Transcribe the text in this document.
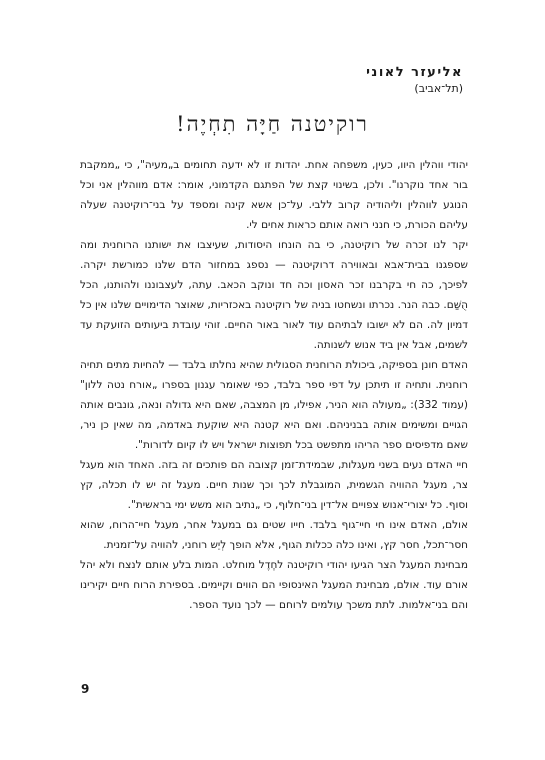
אליעזר לאוני
(תל־אביב)
רוקיטנה חַיָּה תִחְיֶה!

יהודי ווהלין היוו, כעין, משפחה אחת. יהדות זו לא ידעה תחומים ב„מעיה", כי „ממקבת בור אחד נוקרנו". ולכן, בשינוי קצת של הפתגם הקדמוני, אומר: אדם מווהלין אני וכל הנוגע לווהלין וליהודיה קרוב ללבי. על־כן אשא קינה ומספד על בני־רוקיטנה שעלה עליהם הכורת, כי חנני רואה אותם כראות אחים לי.

יקר לנו זכרה של רוקיטנה, כי בה הונחו היסודות, שעיצבו את ישותנו הרוחנית ומה שספגנו בבית־אבא ובאווירה דרוקיטנה — נספג במחזור הדם שלנו כמורשת יקרה. לפיכך, כה חי בקרבנו זכר האסון וכה חד ונוקב הכאב. עתה, לעצבוננו ולהותנו, הכל הֻשַּׁם. כבה הנר. נכרתו ונשחטו בניה של רוקיטנה באכזריות, שאוצר הדימויים שלנו אין כל דמיון לה. הם לא ישובו לבתיהם עוד לאור באור החיים. זוהי עובדת ביעותים הזועקת עד לשמים, אבל אין ביד אנוש לשנותה.

האדם חונן בספיקה, ביכולת הרוחנית הסגולית שהיא נחלתו בלבד — להחיות מתים תחיה רוחנית. ותחיה זו תיתכן על דפי ספר בלבד, כפי שאומר עגנון בספרו „אורח נטה ללון" (עמוד 332): „מעולה הוא הניר, אפילו, מן המצבה, שאם היא גדולה ונאה, גונבים אותה הגויים ומשימים אותה בבניניהם. ואם היא קטנה היא שוקעת באדמה, מה שאין כן ניר, שאם מדפיסים ספר הריהו מתפשט בכל תפוצות ישראל ויש לו קיום לדורות".

חיי האדם נעים בשני מעגלות, שבמידת־זמן קצובה הם פותכים זה בזה. האחד הוא מעגל צר, מעגל ההוויה הגשמית, המוגבלת לכך וכך שנות חיים. מעגל זה יש לו תכלה, קץ וסוף. כל יצורי־אנוש צפויים אל־דין בני־חלוף, כי „נתיב הוא משש ימי בראשית".

אולם, האדם אינו חי חיי־גוף בלבד. חייו שטים גם במעגל אחר, מעגל חיי־הרוח, שהוא חסר־תכל, חסר קץ, ואינו כלה ככלות הגוף, אלא הופך לְיֵש רוחני, להוויה על־זמנית.

מבחינת המעגל הצר הגיעו יהודי רוקיטנה לחֶדֶל מוחלט. המות בלע אותם לנצח ולא יהל אורם עוד. אולם, מבחינת המעגל האינסופי הם הווים וקיימים. בספירת הרוח חיים יקירינו והם בני־אלמות. לתת משכך עולמים לרוחם — לכך נועד הספר.

9
